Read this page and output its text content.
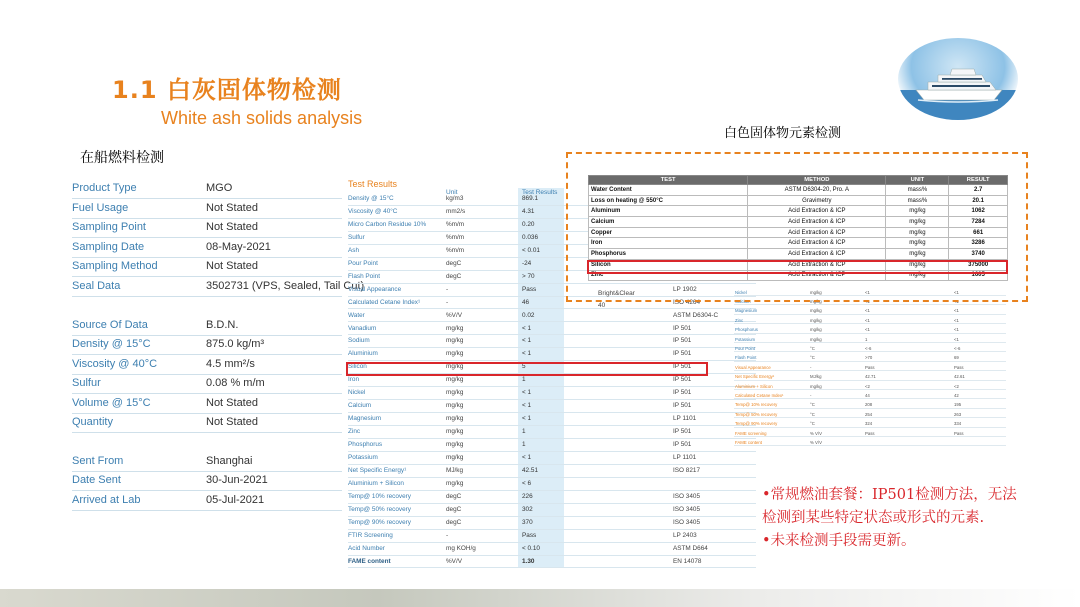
1.1 白灰固体物检测
White ash solids analysis
在船燃料检测
白色固体物元素检测
Product Type	MGO
Fuel Usage	Not Stated
Sampling Point	Not Stated
Sampling Date	08-May-2021
Sampling Method	Not Stated
Seal Data	3502731 (VPS, Sealed, Tail Cut)
Source Of Data	B.D.N.
Density @ 15°C	875.0 kg/m³
Viscosity @ 40°C	4.5 mm²/s
Sulfur	0.08 % m/m
Volume @ 15°C	Not Stated
Quantity	Not Stated
Sent From	Shanghai
Date Sent	30-Jun-2021
Arrived at Lab	05-Jul-2021
Test Results
Unit	Test Results
Density @ 15°C	kg/m3	869.1
Viscosity @ 40°C	mm2/s	4.31
Micro Carbon Residue 10%	%m/m	0.20
Sulfur	%m/m	0.036
Ash	%m/m	< 0.01
Pour Point	degC	-24
Flash Point	degC	> 70
Visual Appearance	-	Pass	LP 1902
Calculated Cetane Index¹	-	46	ISO 4264
Water	%V/V	0.02	ASTM D6304-C
Vanadium	mg/kg	< 1	IP 501
Sodium	mg/kg	< 1	IP 501
Aluminium	mg/kg	< 1	IP 501
Silicon	mg/kg	5	IP 501
Iron	mg/kg	1	IP 501
Nickel	mg/kg	< 1	IP 501
Calcium	mg/kg	< 1	IP 501
Magnesium	mg/kg	< 1	LP 1101
Zinc	mg/kg	1	IP 501
Phosphorus	mg/kg	1	IP 501
Potassium	mg/kg	< 1	LP 1101
Net Specific Energy¹	MJ/kg	42.51	ISO 8217
Aluminium + Silicon	mg/kg	< 6
Temp@ 10% recovery	degC	226	ISO 3405
Temp@ 50% recovery	degC	302	ISO 3405
Temp@ 90% recovery	degC	370	ISO 3405
FTIR Screening	-	Pass	LP 2403
Acid Number	mg KOH/g	< 0.10	ASTM D664
FAME content	%V/V	1.30	EN 14078
Nickel	mg/kg	<1	<1
Calcium	mg/kg	<1	<1
Magnesium	mg/kg	<1	<1
Zinc	mg/kg	<1	<1
Phosphorus	mg/kg	<1	<1
Potassium	mg/kg	1	<1
Pour Point	°C	<-6	<-6
Flash Point	°C	>70	69
Visual Appearance	-	Pass	Pass
Net Specific Energy¹	MJ/kg	42.71	42.61
Aluminium + Silicon	mg/kg	<2	<2
Calculated Cetane Index¹	-	44	42
Temp@ 10% recovery	°C	208	195
Temp@ 50% recovery	°C	254	263
Temp@ 90% recovery	°C	324	334
FAME screening	% V/V	Pass	Pass
FAME content	% V/V
Bright&Clear
40
TEST	METHOD	UNIT	RESULT
Water Content	ASTM D6304-20, Pro. A	mass%	2.7
Loss on heating @ 550°C	Gravimetry	mass%	20.1
Aluminum	Acid Extraction & ICP	mg/kg	1062
Calcium	Acid Extraction & ICP	mg/kg	7284
Copper	Acid Extraction & ICP	mg/kg	661
Iron	Acid Extraction & ICP	mg/kg	3286
Phosphorus	Acid Extraction & ICP	mg/kg	3740
Silicon	Acid Extraction & ICP	mg/kg	375000
Zinc	Acid Extraction & ICP	mg/kg	1605
•常规燃油套餐：IP501检测方法，无法检测到某些特定状态或形式的元素.
•未来检测手段需更新。
